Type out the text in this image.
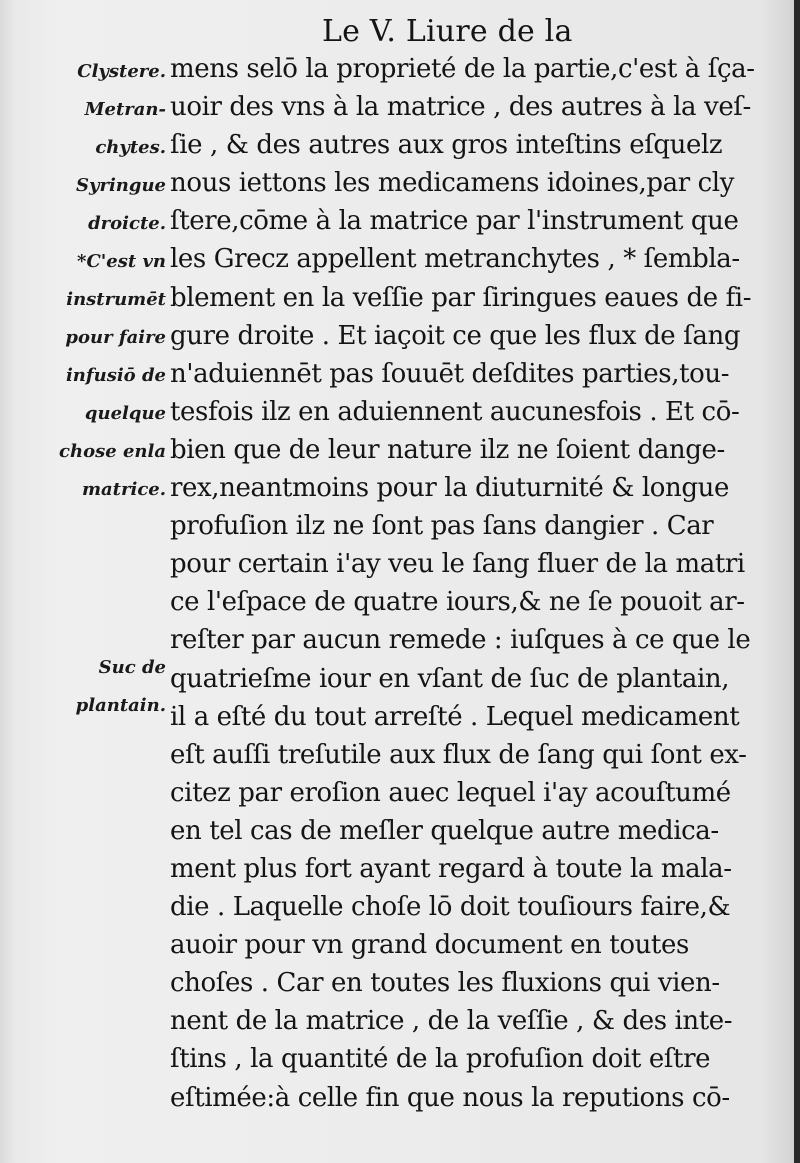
Le V. Liure de la
Clystere.
Metran-
chytes.
Syringue
droicte.
*C'est vn
instrumēt
pour faire
infusiō de
quelque
chose enla
matrice.
Suc de
plantain.
mens selō la proprieté de la partie,c'est à ſça-
uoir des vns à la matrice , des autres à la veſ-
ſie , & des autres aux gros inteſtins eſquelz
nous iettons les medicamens idoines,par cly
ſtere,cōme à la matrice par l'instrument que
les Grecz appellent metranchytes , * ſembla-
blement en la veſſie par ſiringues eaues de fi-
gure droite . Et iaçoit ce que les flux de ſang
n'aduiennēt pas ſouuēt deſdites parties,tou-
tesfois ilz en aduiennent aucunesfois . Et cō-
bien que de leur nature ilz ne ſoient dange-
rex,neantmoins pour la diuturnité & longue
profuſion ilz ne ſont pas ſans dangier . Car
pour certain i'ay veu le ſang fluer de la matri
ce l'eſpace de quatre iours,& ne ſe pouoit ar-
reſter par aucun remede : iuſques à ce que le
quatrieſme iour en vſant de ſuc de plantain,
il a eſté du tout arreſté . Lequel medicament
eſt auſſi treſutile aux flux de ſang qui ſont ex-
citez par eroſion auec lequel i'ay acouſtumé
en tel cas de meſler quelque autre medica-
ment plus fort ayant regard à toute la mala-
die . Laquelle choſe lō doit touſiours faire,&
auoir pour vn grand document en toutes
choſes . Car en toutes les fluxions qui vien-
nent de la matrice , de la veſſie , & des inte-
ſtins , la quantité de la profuſion doit eſtre
eſtimée:à celle fin que nous la reputions cō-
